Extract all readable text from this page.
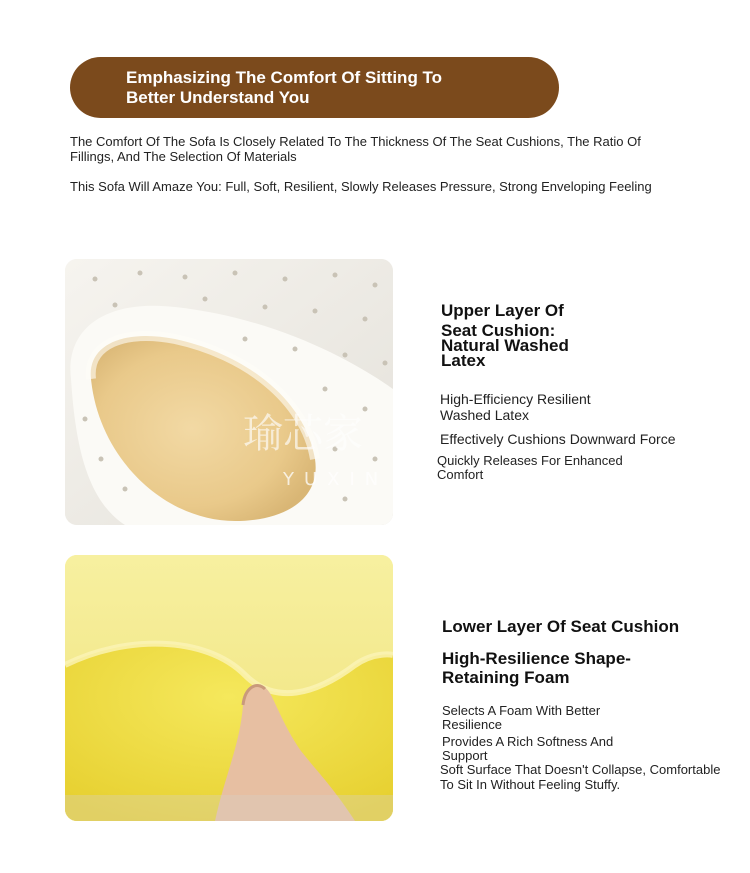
Emphasizing The Comfort Of Sitting To Better Understand You
The Comfort Of The Sofa Is Closely Related To The Thickness Of The Seat Cushions, The Ratio Of Fillings, And The Selection Of Materials
This Sofa Will Amaze You: Full, Soft, Resilient, Slowly Releases Pressure, Strong Enveloping Feeling
瑜芯家
YUXIN
Upper Layer Of
Seat Cushion:
Natural Washed
Latex
High-Efficiency Resilient Washed Latex
Effectively Cushions Downward Force
Quickly Releases For Enhanced Comfort
Lower Layer Of Seat Cushion
High-Resilience Shape-Retaining Foam
Selects A Foam With Better Resilience
Provides A Rich Softness And Support
Soft Surface That Doesn't Collapse, Comfortable To Sit In Without Feeling Stuffy.
